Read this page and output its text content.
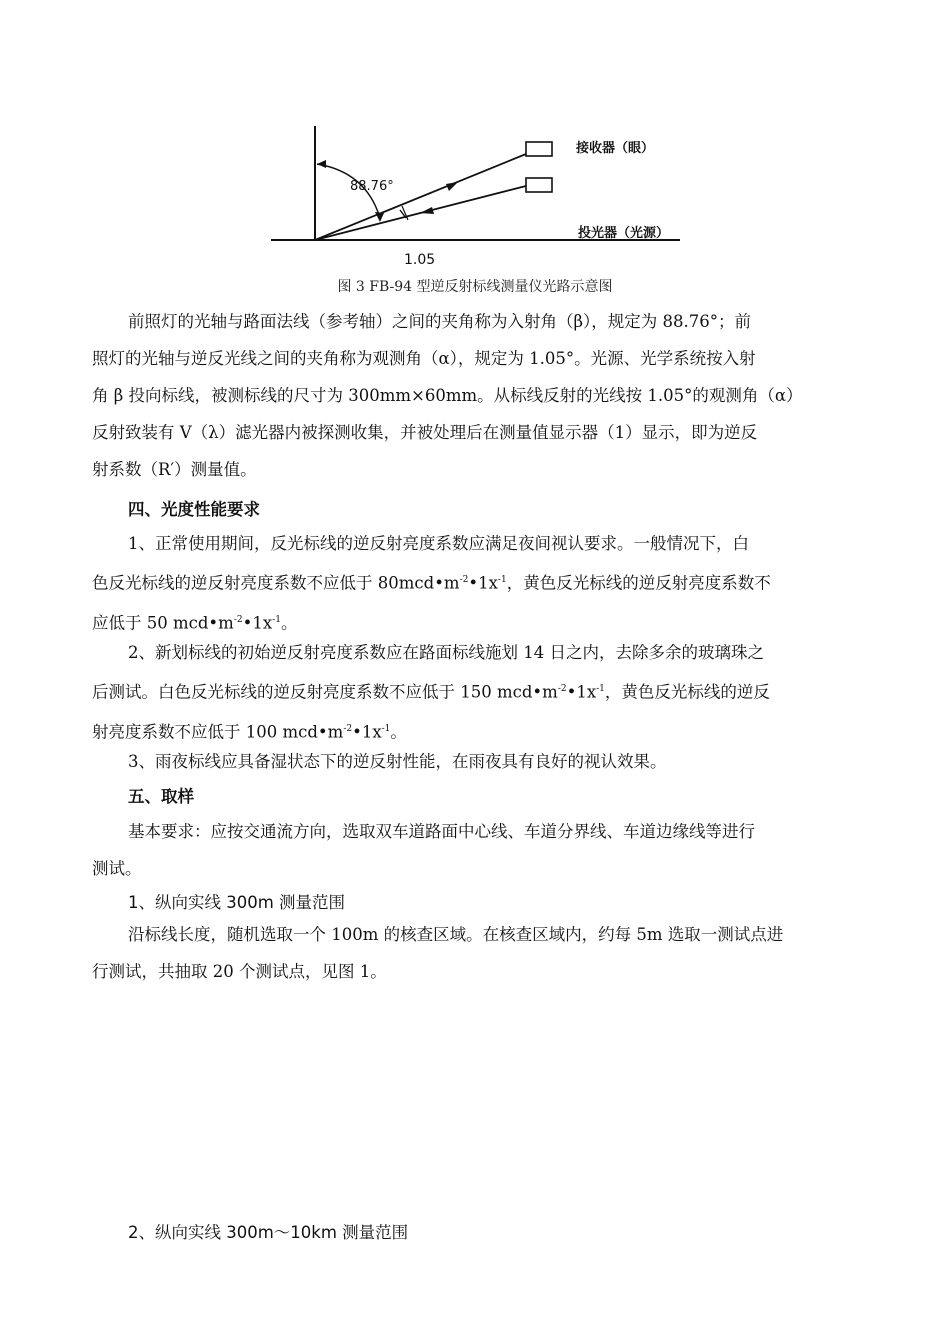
88.76°
接收器（眼）
投光器（光源）
1.05
图 3 FB-94 型逆反射标线测量仪光路示意图

前照灯的光轴与路面法线（参考轴）之间的夹角称为入射角（β），规定为 88.76°；前
照灯的光轴与逆反光线之间的夹角称为观测角（α），规定为 1.05°。光源、光学系统按入射
角 β 投向标线，被测标线的尺寸为 300mm×60mm。从标线反射的光线按 1.05°的观测角（α）
反射致装有 V（λ）滤光器内被探测收集，并被处理后在测量值显示器（1）显示，即为逆反
射系数（R′）测量值。

四、光度性能要求

1、正常使用期间，反光标线的逆反射亮度系数应满足夜间视认要求。一般情况下，白
色反光标线的逆反射亮度系数不应低于 $80mcd•m^{-2}•1x^{-1}$，黄色反光标线的逆反射亮度系数不
应低于 50 $mcd•m^{-2}•1x^{-1}$。

2、新划标线的初始逆反射亮度系数应在路面标线施划 14 日之内，去除多余的玻璃珠之
后测试。白色反光标线的逆反射亮度系数不应低于 150 $mcd•m^{-2}•1x^{-1}$，黄色反光标线的逆反
射亮度系数不应低于 100 $mcd•m^{-2}•1x^{-1}$。

3、雨夜标线应具备湿状态下的逆反射性能，在雨夜具有良好的视认效果。

五、取样

基本要求：应按交通流方向，选取双车道路面中心线、车道分界线、车道边缘线等进行
测试。

1、纵向实线 300m 测量范围

沿标线长度，随机选取一个 100m 的核查区域。在核查区域内，约每 5m 选取一测试点进
行测试，共抽取 20 个测试点，见图 1。

2、纵向实线 300m～10km 测量范围
